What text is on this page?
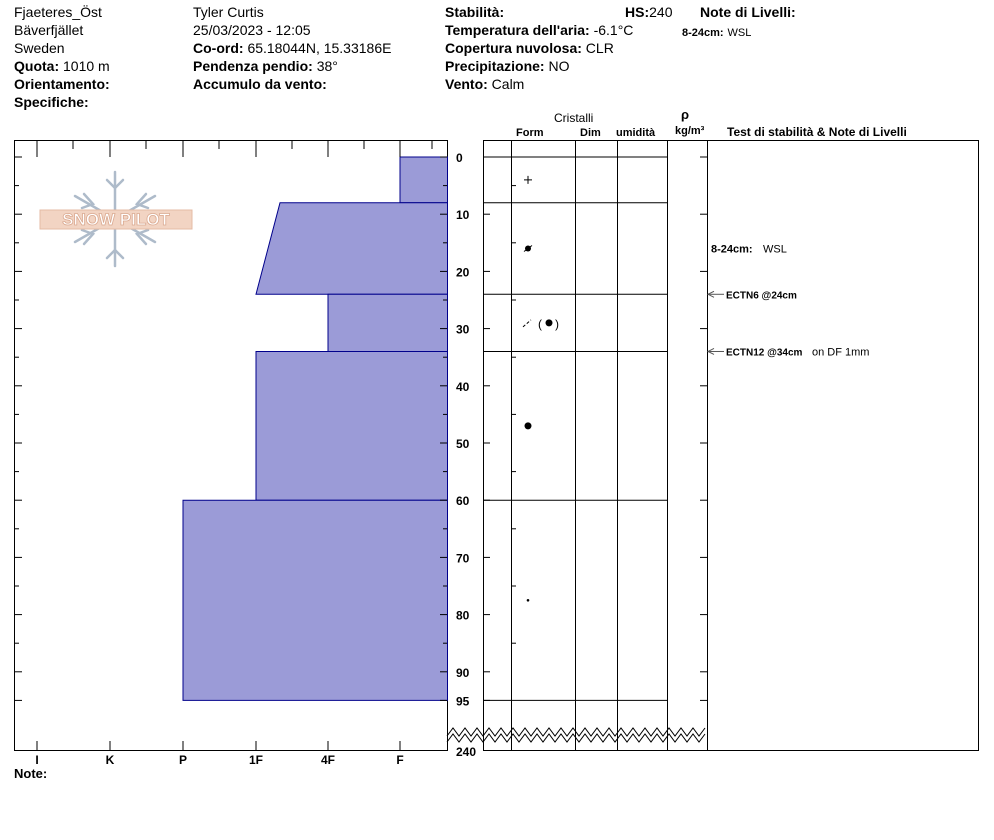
Fjaeteres_Öst
Bäverfjället
Sweden
Quota: 1010 m
Orientamento:
Specifiche:
Tyler Curtis
25/03/2023 - 12:05
Co-ord: 65.18044N, 15.33186E
Pendenza pendio: 38°
Accumulo da vento:
Stabilità:	HS:240
Temperatura dell'aria: -6.1°C
Copertura nuvolosa: CLR
Precipitazione: NO
Vento: Calm
Note di Livelli:
8-24cm: WSL
Cristalli
Form	Dim umidità
ρ
kg/m³ Test di stabilità & Note di Livelli
SNOW PILOT
I	K	P	1F	4F	F
0
10
20
30
40
50
60
70
80
90
95
240
( )
8-24cm: WSL
ECTN6 @24cm
ECTN12 @34cm on DF 1mm
Note:
